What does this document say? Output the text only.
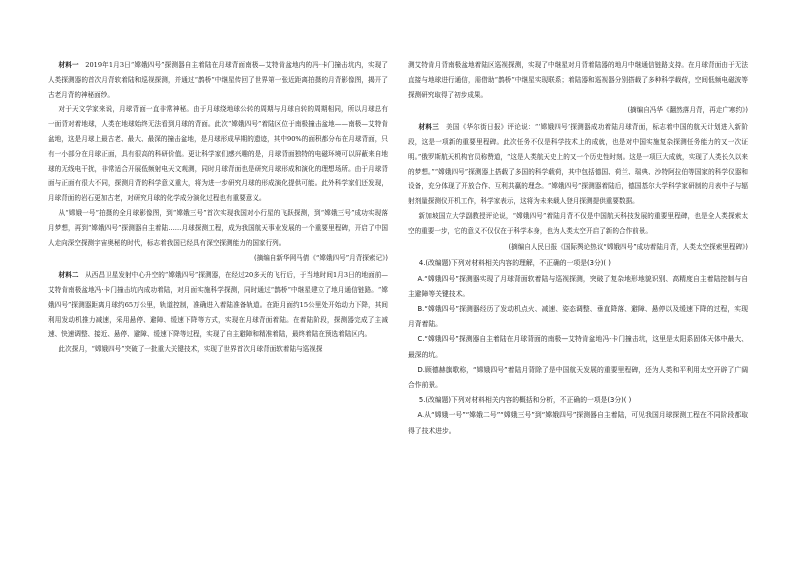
材料一  2019年1月3日“嫦娥四号”探测器自主着陆在月球背面南极—艾特肯盆地内的冯·卡门撞击坑内，实现了人类探测器的首次月背软着陆和巡视探测，并通过“鹊桥”中继星传回了世界第一张近距离拍摄的月背影像图，揭开了古老月背的神秘面纱。

对于天文学家来说，月球背面一直非常神秘。由于月球绕地球公转的周期与月球自转的周期相同，所以月球总有一面背对着地球，人类在地球始终无法看到月球的背面。此次“嫦娥四号”着陆区位于南极撞击盆地——南极—艾特肯盆地，这是月球上最古老、最大、最深的撞击盆地，是月球形成早期的遗迹，其中90%的面积都分布在月球背面，只有一小部分在月球正面，具有很高的科研价值。更让科学家们感兴趣的是，月球背面独特的电磁环境可以屏蔽来自地球的无线电干扰，非常适合开展低频射电天文观测，同时月球背面也是研究月球形成和演化的理想场所。由于月球背面与正面有很大不同，探测月背的科学意义重大，将为进一步研究月球的形成演化提供可能。此外科学家们还发现，月球背面的岩石更加古老，对研究月球的化学成分演化过程也有重要意义。

从“嫦娥一号”拍摄的全月球影像图，到“嫦娥三号”首次实现我国对小行星的飞跃探测，到“嫦娥三号”成功实现落月梦想，再到“嫦娥四号”探测器自主着陆……月球探测工程，成为我国航天事业发展的一个重要里程碑，开启了中国人走向深空探测宇宙奥秘的时代，标志着我国已经具有深空探测能力的国家行列。

(摘编自新华网马倩《“嫦娥四号”月背探索记》)

材料二  从西昌卫星发射中心升空的“嫦娥四号”探测器，在经过20多天的飞行后，于当地时间1月3日的地面前—艾特肯南极盆地冯·卡门撞击坑内成功着陆，对月面实施科学探测，同时通过“鹊桥”中继星建立了地月通信链路。“嫦娥四号”探测器距离月球约65万公里，轨道控制，准确进入着陆准备轨道。在距月面约15公里处开始动力下降，其间利用发动机推力减速，采用悬停、避障、缓速下降等方式，实现在月球背面着陆。在着陆阶段，探测器完成了主减速、快速调整、接近、悬停、避障、缓速下降等过程，实现了自主避障和精准着陆，最终着陆在预选着陆区内。

此次探月，“嫦娥四号”突破了一批重大关键技术，实现了世界首次月球背面软着陆与巡视探

测艾特肯月背南极盆地着陆区巡视探测，实现了中继星对月背着陆器的地月中继通信链路支持。在月球背面由于无法直接与地球进行通信，需借助“鹊桥”中继星实现联系；着陆器和巡视器分别搭载了多种科学载荷，空间低频电磁波等探测研究取得了初步成果。

(摘编自冯华《翻然落月背，再走广寒约》)

材料三  美国《华尔街日报》评论说：“‘嫦娥四号’探测器成功着陆月球背面，标志着中国的航天计划进入新阶段，这是一项新的重要里程碑。此次任务不仅是科学技术上的成就，也是对中国实施复杂探测任务能力的又一次证明。”俄罗斯航天机构官员称赞道，“这是人类航天史上的又一个历史性时刻。这是一项巨大成就，实现了人类长久以来的梦想。”“嫦娥四号”探测器上搭载了多国的科学载荷，其中包括德国、荷兰、瑞典、沙特阿拉伯等国家的科学仪器和设备，充分体现了开放合作、互利共赢的理念。“嫦娥四号”探测器着陆后，德国基尔大学科学家研制的月表中子与辐射剂量探测仪开机工作，科学家表示，这将为未来载人登月探测提供重要数据。

新加坡国立大学副教授评论说，“嫦娥四号”着陆月背不仅是中国航天科技发展的重要里程碑，也是全人类探索太空的重要一步，它的意义不仅仅在于科学本身，也为人类太空开启了新的合作前景。

(摘编自人民日报《国际舆论热议“嫦娥四号”成功着陆月背，人类太空探索里程碑》)

4.(改编题)下列对材料相关内容的理解，不正确的一项是(3分)( )

A.“嫦娥四号”探测器实现了月球背面软着陆与巡视探测，突破了复杂地形地貌识别、高精度自主着陆控制与自主避障等关键技术。

B.“嫦娥四号”探测器经历了发动机点火、减速、姿态调整、垂直降落、避障、悬停以及缓速下降的过程，实现月背着陆。

C.“嫦娥四号”探测器自主着陆在月球背面的南极—艾特肯盆地冯·卡门撞击坑，这里是太阳系固体天体中最大、最深的坑。

D.顾德赫旗歌称，“嫦娥四号”着陆月背除了是中国航天发展的重要里程碑，还为人类和平利用太空开辟了广阔合作前景。

5.(改编题)下列对材料相关内容的概括和分析，不正确的一项是(3分)( )

A.从“嫦娥一号”“嫦娥二号”“嫦娥三号”到“嫦娥四号”探测器自主着陆，可见我国月球探测工程在不同阶段都取得了技术进步。
